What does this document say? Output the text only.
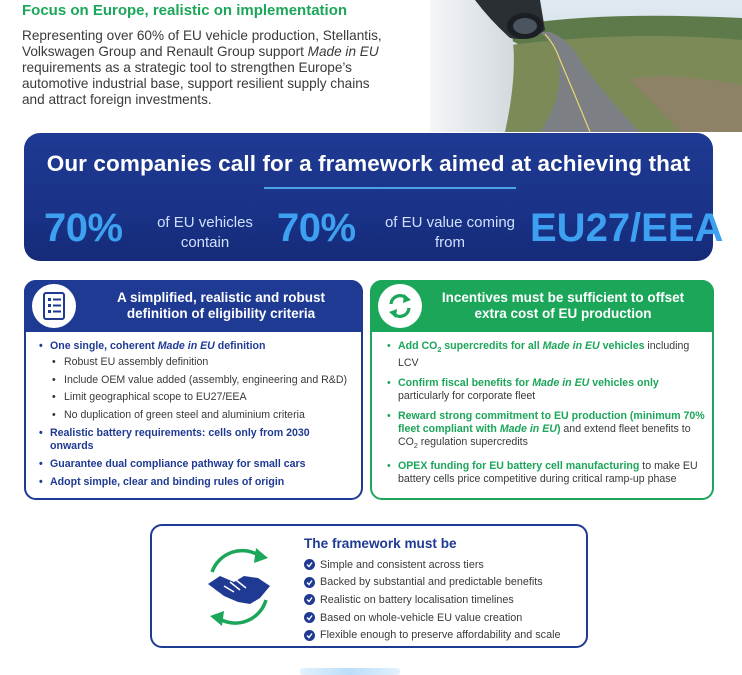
Focus on Europe, realistic on implementation

Representing over 60% of EU vehicle production, Stellantis, Volkswagen Group and Renault Group support Made in EU requirements as a strategic tool to strengthen Europe’s automotive industrial base, support resilient supply chains and attract foreign investments.

Our companies call for a framework aimed at achieving that
70%	of EU vehicles
contain	70%	of EU value coming
from	EU27/EEA
A simplified, realistic and robust definition of eligibility criteria
• One single, coherent Made in EU definition
• Robust EU assembly definition
• Include OEM value added (assembly, engineering and R&D)
• Limit geographical scope to EU27/EEA
• No duplication of green steel and aluminium criteria
• Realistic battery requirements: cells only from 2030 onwards
• Guarantee dual compliance pathway for small cars
• Adopt simple, clear and binding rules of origin
Incentives must be sufficient to offset extra cost of EU production
• Add $CO_2$ supercredits for all Made in EU vehicles including LCV
• Confirm fiscal benefits for Made in EU vehicles only particularly for corporate fleet
• Reward strong commitment to EU production (minimum 70% fleet compliant with Made in EU) and extend fleet benefits to $CO_2$ regulation supercredits
• OPEX funding for EU battery cell manufacturing to make EU battery cells price competitive during critical ramp-up phase
The framework must be
Simple and consistent across tiers
Backed by substantial and predictable benefits
Realistic on battery localisation timelines
Based on whole-vehicle EU value creation
Flexible enough to preserve affordability and scale
